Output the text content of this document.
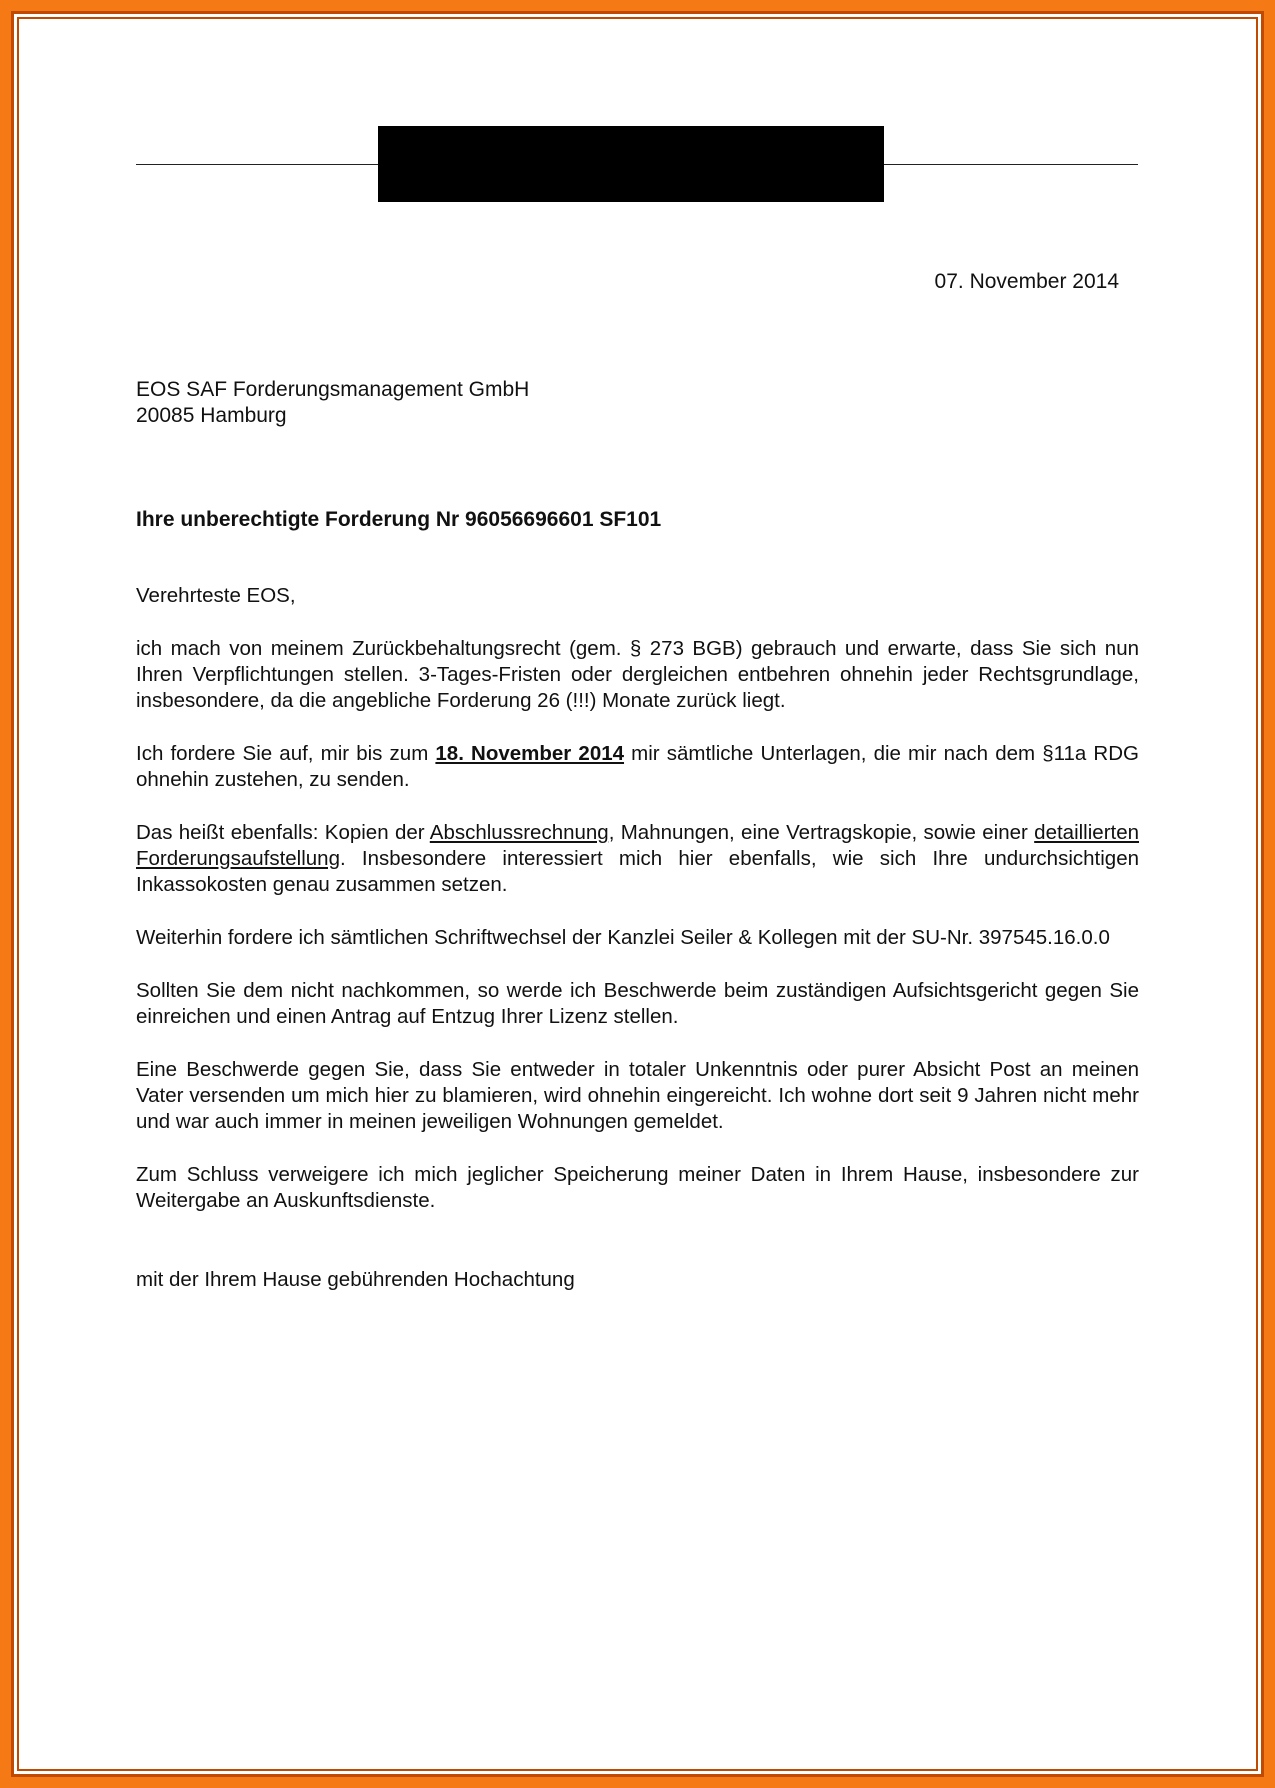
07. November 2014
EOS SAF Forderungsmanagement GmbH
20085 Hamburg
Ihre unberechtigte Forderung Nr 96056696601 SF101

Verehrteste EOS,

ich mach von meinem Zurückbehaltungsrecht (gem. § 273 BGB) gebrauch und erwarte, dass Sie sich nun Ihren Verpflichtungen stellen. 3-Tages-Fristen oder dergleichen entbehren ohnehin jeder Rechtsgrundlage, insbesondere, da die angebliche Forderung 26 (!!!) Monate zurück liegt.

Ich fordere Sie auf, mir bis zum 18. November 2014 mir sämtliche Unterlagen, die mir nach dem §11a RDG ohnehin zustehen, zu senden.

Das heißt ebenfalls: Kopien der Abschlussrechnung, Mahnungen, eine Vertragskopie, sowie einer detaillierten Forderungsaufstellung. Insbesondere interessiert mich hier ebenfalls, wie sich Ihre undurchsichtigen Inkassokosten genau zusammen setzen.

Weiterhin fordere ich sämtlichen Schriftwechsel der Kanzlei Seiler & Kollegen mit der SU-Nr. 397545.16.0.0

Sollten Sie dem nicht nachkommen, so werde ich Beschwerde beim zuständigen Aufsichtsgericht gegen Sie einreichen und einen Antrag auf Entzug Ihrer Lizenz stellen.

Eine Beschwerde gegen Sie, dass Sie entweder in totaler Unkenntnis oder purer Absicht Post an meinen Vater versenden um mich hier zu blamieren, wird ohnehin eingereicht. Ich wohne dort seit 9 Jahren nicht mehr und war auch immer in meinen jeweiligen Wohnungen gemeldet.

Zum Schluss verweigere ich mich jeglicher Speicherung meiner Daten in Ihrem Hause, insbesondere zur Weitergabe an Auskunftsdienste.

mit der Ihrem Hause gebührenden Hochachtung
